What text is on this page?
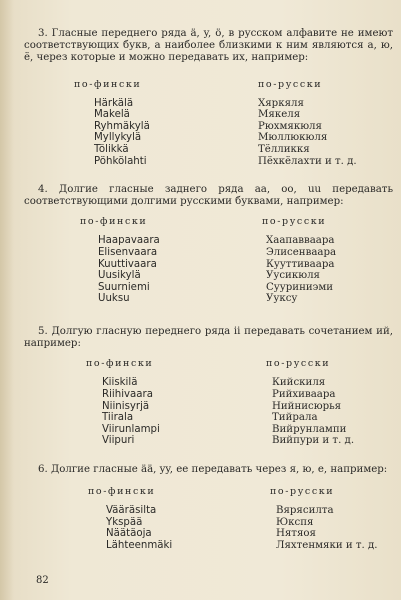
3. Гласные переднего ряда ä, y, ö, в русском алфавите не имеют соответствующих букв, а наиболее близкими к ним являются а, ю, ё, через которые и можно передавать их, например:

по-фински
Härkälä
Makelä
Ryhmäkylä
Myllykylä
Tölikkä
Pöhkölahti
по-русски
Хяркяля
Мякеля
Рюхмякюля
Мюллюкюля
Тёлликкя
Пёхкёлахти и т. д.

4. Долгие гласные заднего ряда aa, oo, uu передавать соответствующими долгими русскими буквами, например:

по-фински
Haapavaara
Elisenvaara
Kuuttivaara
Uusikylä
Suurniemi
Uuksu
по-русски
Хаапавваара
Элисенваара
Кууттиваара
Уусикюля
Сууриниэми
Ууксу

5. Долгую гласную переднего ряда ii передавать сочетанием ий, например:

по-фински
Kiiskilä
Riihivaara
Niinisyrjä
Tiirala
Viirunlampi
Viipuri
по-русски
Кийскиля
Рийхиваара
Нийнисюрья
Тийрала
Вийрунлампи
Вийпури и т. д.

6. Долгие гласные ää, yy, ee передавать через я, ю, е, например:

по-фински
Vääräsilta
Ykspää
Näätäoja
Lähteenmäki
по-русски
Вярясилта
Юкспя
Нятяоя
Ляхтенмяки и т. д.
82
